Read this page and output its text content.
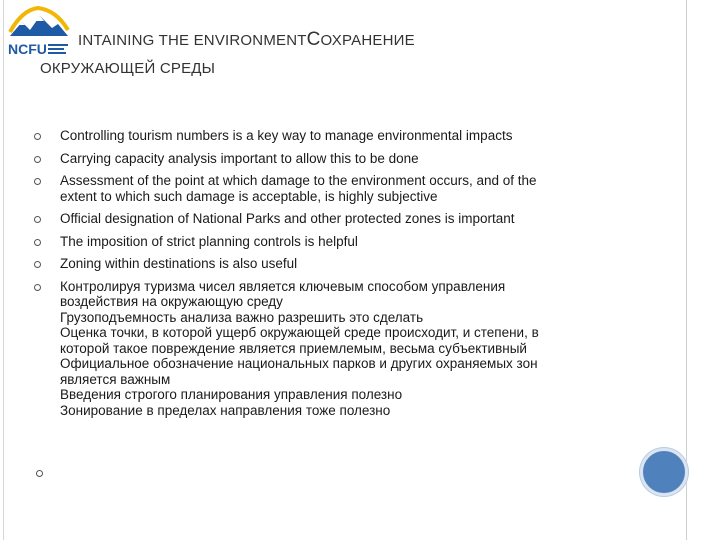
NCFU	INTAINING THE ENVIRONMENTСОХРАНЕНИЕ
ОКРУЖАЮЩЕЙ СРЕДЫ
Controlling tourism numbers is a key way to manage environmental impacts
Carrying capacity analysis important to allow this to be done
Assessment of the point at which damage to the environment occurs, and of the
extent to which such damage is acceptable, is highly subjective
Official designation of National Parks and other protected zones is important
The imposition of strict planning controls is helpful
Zoning within destinations is also useful
Контролируя туризма чисел является ключевым способом управления
воздействия на окружающую среду
Грузоподъемность анализа важно разрешить это сделать
Оценка точки, в которой ущерб окружающей среде происходит, и степени, в
которой такое повреждение является приемлемым, весьма субъективный
Официальное обозначение национальных парков и других охраняемых зон
является важным
Введения строгого планирования управления полезно
Зонирование в пределах направления тоже полезно
